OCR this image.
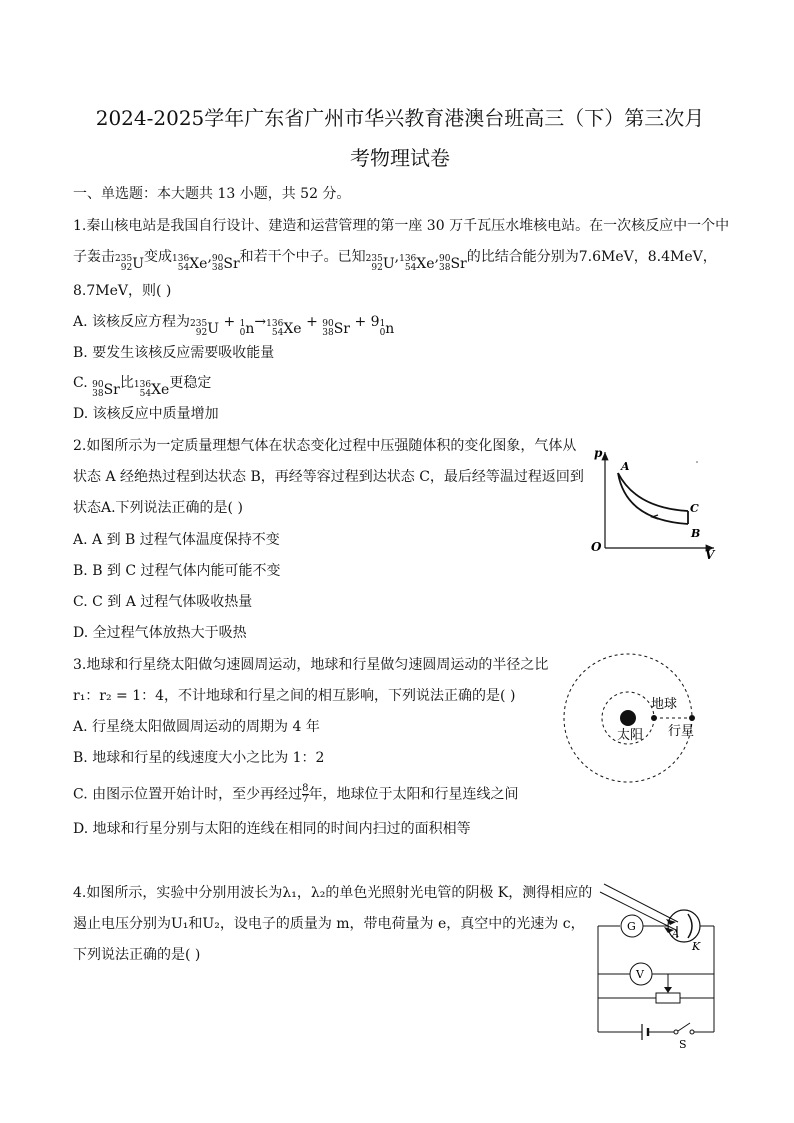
2024-2025学年广东省广州市华兴教育港澳台班高三（下）第三次月
考物理试卷
一、单选题：本大题共 13 小题，共 52 分。
1.秦山核电站是我国自行设计、建造和运营管理的第一座 30 万千瓦压水堆核电站。在一次核反应中一个中
子轰击 235
92 U 变成 136
54 Xe , 90
38 Sr 和若干个中子。已知 235
92 U , 136
54 Xe , 90
38 Sr 的比结合能分别为7.6MeV，8.4MeV，
8.7MeV，则( )
A. 该核反应方程为 235
92 U + 1
0 n → 136
54 Xe + 90
38 Sr + 9 1
0 n
B. 要发生该核反应需要吸收能量
C. 90
38 Sr 比 136
54 Xe 更稳定
D. 该核反应中质量增加
2.如图所示为一定质量理想气体在状态变化过程中压强随体积的变化图象，气体从
状态 A 经绝热过程到达状态 B，再经等容过程到达状态 C，最后经等温过程返回到
状态A.下列说法正确的是( )
A. A 到 B 过程气体温度保持不变
B. B 到 C 过程气体内能可能不变
C. C 到 A 过程气体吸收热量
D. 全过程气体放热大于吸热
p
V
O
A
B
C
3.地球和行星绕太阳做匀速圆周运动，地球和行星做匀速圆周运动的半径之比
r₁：r₂ = 1：4，不计地球和行星之间的相互影响，下列说法正确的是( )
A. 行星绕太阳做圆周运动的周期为 4 年
B. 地球和行星的线速度大小之比为 1：2
C. 由图示位置开始计时，至少再经过 $\frac{8}{7}$ 年，地球位于太阳和行星连线之间
D. 地球和行星分别与太阳的连线在相同的时间内扫过的面积相等
地球
太阳 行星
4.如图所示，实验中分别用波长为λ₁，λ₂的单色光照射光电管的阴极 K，测得相应的
遏止电压分别为U₁和U₂，设电子的质量为 m，带电荷量为 e，真空中的光速为 c，
下列说法正确的是( )
A
K
G
V
S
